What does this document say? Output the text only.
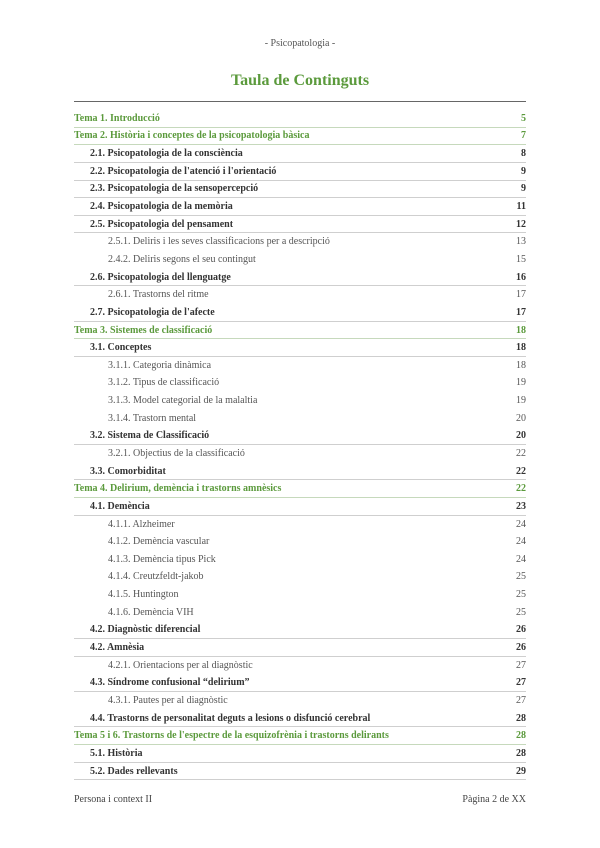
- Psicopatologia -
Taula de Continguts
Tema 1. Introducció	5
Tema 2. Història i conceptes de la psicopatologia bàsica	7
2.1. Psicopatologia de la consciència	8
2.2. Psicopatologia de l'atenció i l'orientació	9
2.3. Psicopatologia de la sensopercepció	9
2.4. Psicopatologia de la memòria	11
2.5. Psicopatologia del pensament	12
2.5.1. Deliris i les seves classificacions per a descripció	13
2.4.2. Deliris segons el seu contingut	15
2.6. Psicopatologia del llenguatge	16
2.6.1. Trastorns del ritme	17
2.7. Psicopatologia de l'afecte	17
Tema 3. Sistemes de classificació	18
3.1. Conceptes	18
3.1.1. Categoria dinàmica	18
3.1.2. Tipus de classificació	19
3.1.3. Model categorial de la malaltia	19
3.1.4. Trastorn mental	20
3.2. Sistema de Classificació	20
3.2.1. Objectius de la classificació	22
3.3. Comorbiditat	22
Tema 4. Delirium, demència i trastorns amnèsics	22
4.1. Demència	23
4.1.1. Alzheimer	24
4.1.2. Demència vascular	24
4.1.3. Demència tipus Pick	24
4.1.4. Creutzfeldt-jakob	25
4.1.5. Huntington	25
4.1.6. Demència VIH	25
4.2. Diagnòstic diferencial	26
4.2. Amnèsia	26
4.2.1. Orientacions per al diagnòstic	27
4.3. Síndrome confusional “delirium”	27
4.3.1. Pautes per al diagnòstic	27
4.4. Trastorns de personalitat deguts a lesions o disfunció cerebral	28
Tema 5 i 6. Trastorns de l'espectre de la esquizofrènia i trastorns delirants	28
5.1. Història	28
5.2. Dades rellevants	29
Persona i context II	Pàgina 2 de XX
